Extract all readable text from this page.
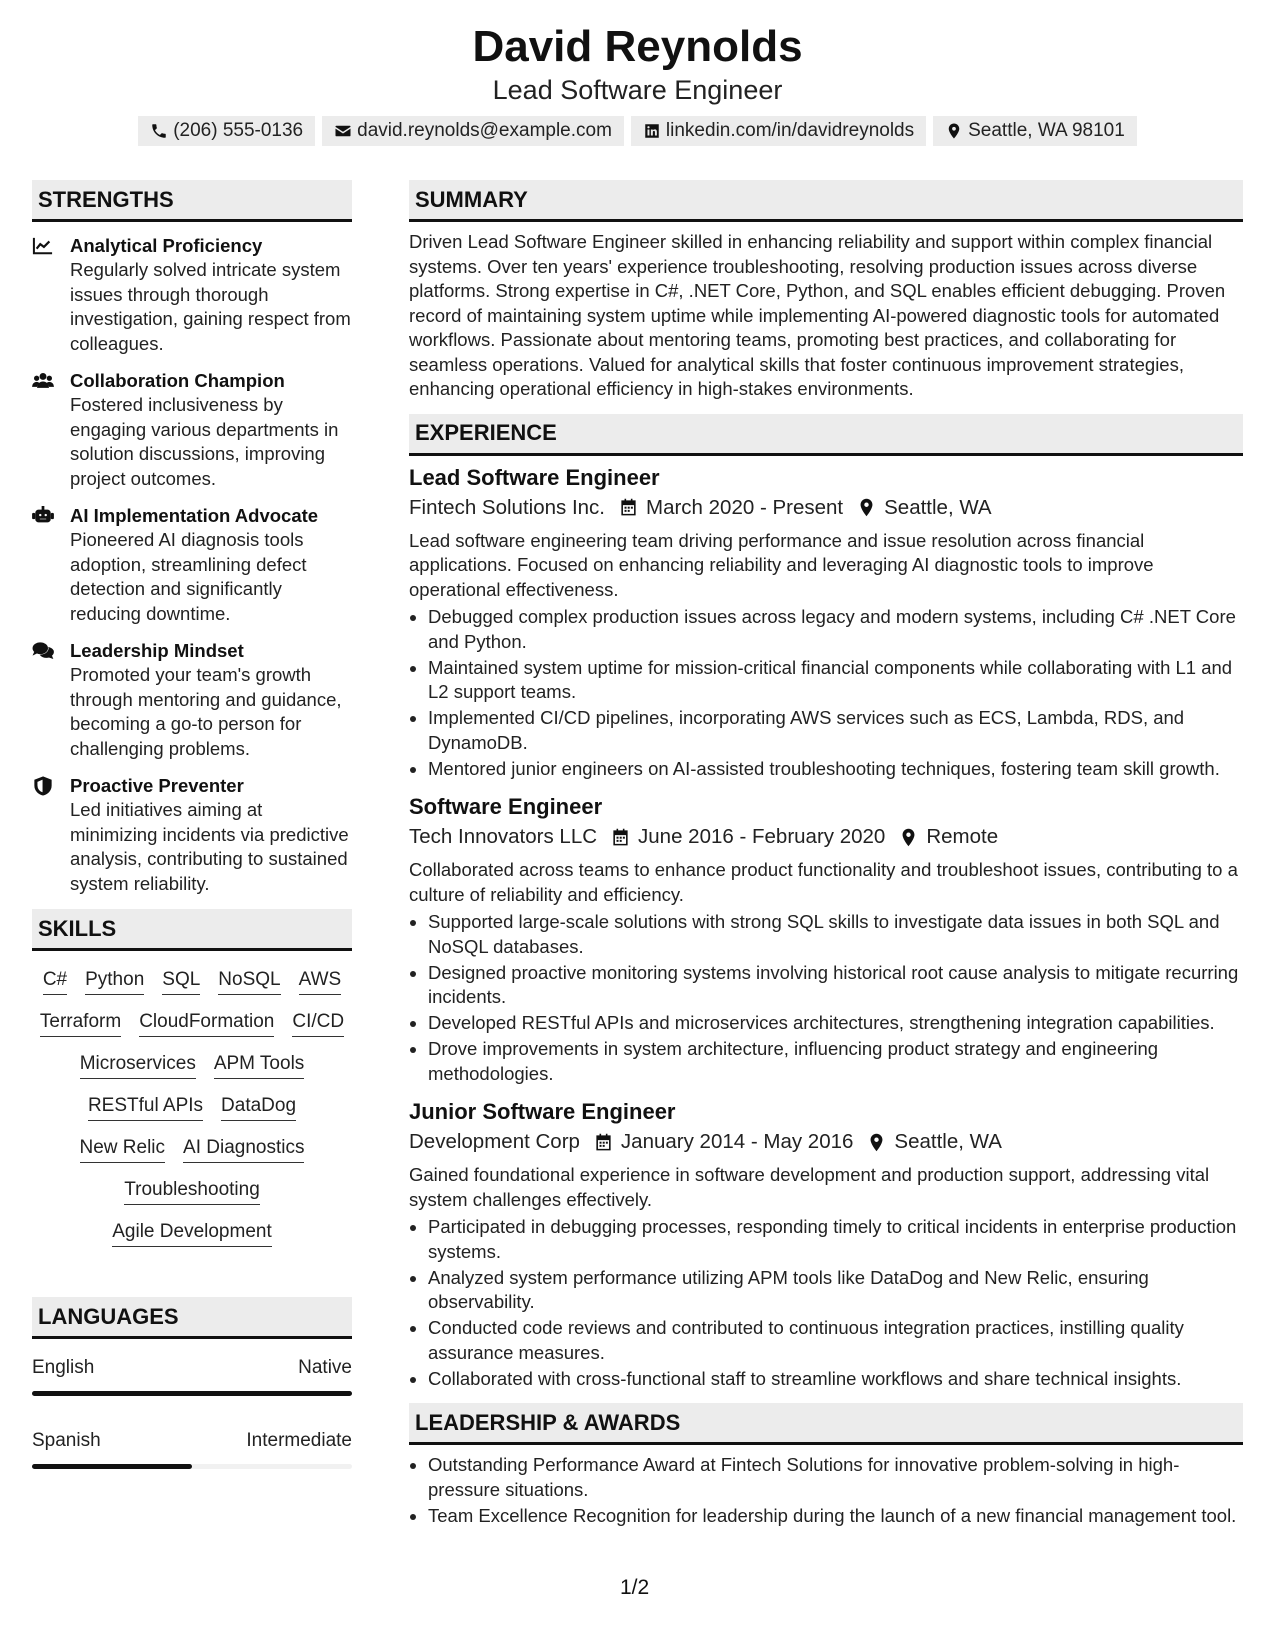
David Reynolds
Lead Software Engineer
(206) 555-0136	david.reynolds@example.com	linkedin.com/in/davidreynolds	Seattle, WA 98101
STRENGTHS
Analytical Proficiency
Regularly solved intricate system issues through thorough investigation, gaining respect from colleagues.
Collaboration Champion
Fostered inclusiveness by engaging various departments in solution discussions, improving project outcomes.
AI Implementation Advocate
Pioneered AI diagnosis tools adoption, streamlining defect detection and significantly reducing downtime.
Leadership Mindset
Promoted your team's growth through mentoring and guidance, becoming a go-to person for challenging problems.
Proactive Preventer
Led initiatives aiming at minimizing incidents via predictive analysis, contributing to sustained system reliability.
SKILLS
C# Python SQL NoSQL AWS
Terraform CloudFormation CI/CD
Microservices APM Tools
RESTful APIs DataDog
New Relic AI Diagnostics
Troubleshooting
Agile Development
LANGUAGES
English	Native
Spanish	Intermediate
SUMMARY
Driven Lead Software Engineer skilled in enhancing reliability and support within complex financial systems. Over ten years' experience troubleshooting, resolving production issues across diverse platforms. Strong expertise in C#, .NET Core, Python, and SQL enables efficient debugging. Proven record of maintaining system uptime while implementing AI-powered diagnostic tools for automated workflows. Passionate about mentoring teams, promoting best practices, and collaborating for seamless operations. Valued for analytical skills that foster continuous improvement strategies, enhancing operational efficiency in high-stakes environments.
EXPERIENCE
Lead Software Engineer
Fintech Solutions Inc. March 2020 - Present Seattle, WA
Lead software engineering team driving performance and issue resolution across financial applications. Focused on enhancing reliability and leveraging AI diagnostic tools to improve operational effectiveness.
• Debugged complex production issues across legacy and modern systems, including C# .NET Core and Python.
• Maintained system uptime for mission-critical financial components while collaborating with L1 and L2 support teams.
• Implemented CI/CD pipelines, incorporating AWS services such as ECS, Lambda, RDS, and DynamoDB.
• Mentored junior engineers on AI-assisted troubleshooting techniques, fostering team skill growth.
Software Engineer
Tech Innovators LLC June 2016 - February 2020 Remote
Collaborated across teams to enhance product functionality and troubleshoot issues, contributing to a culture of reliability and efficiency.
• Supported large-scale solutions with strong SQL skills to investigate data issues in both SQL and NoSQL databases.
• Designed proactive monitoring systems involving historical root cause analysis to mitigate recurring incidents.
• Developed RESTful APIs and microservices architectures, strengthening integration capabilities.
• Drove improvements in system architecture, influencing product strategy and engineering methodologies.
Junior Software Engineer
Development Corp January 2014 - May 2016 Seattle, WA
Gained foundational experience in software development and production support, addressing vital system challenges effectively.
• Participated in debugging processes, responding timely to critical incidents in enterprise production systems.
• Analyzed system performance utilizing APM tools like DataDog and New Relic, ensuring observability.
• Conducted code reviews and contributed to continuous integration practices, instilling quality assurance measures.
• Collaborated with cross-functional staff to streamline workflows and share technical insights.
LEADERSHIP & AWARDS
• Outstanding Performance Award at Fintech Solutions for innovative problem-solving in high-pressure situations.
• Team Excellence Recognition for leadership during the launch of a new financial management tool.
1/2
